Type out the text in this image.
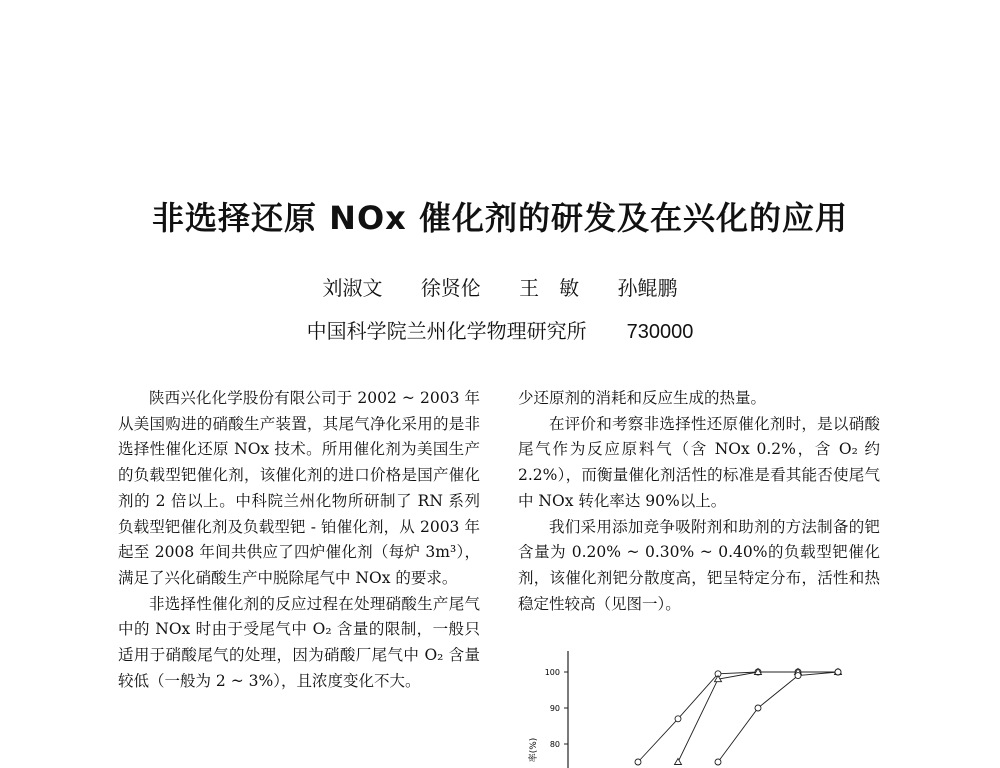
非选择还原 NOx 催化剂的研发及在兴化的应用
刘淑文 徐贤伦 王　敏 孙鲲鹏
中国科学院兰州化学物理研究所 730000

陕西兴化化学股份有限公司于 2002 ~ 2003 年从美国购进的硝酸生产装置，其尾气净化采用的是非选择性催化还原 NOx 技术。所用催化剂为美国生产的负载型钯催化剂，该催化剂的进口价格是国产催化剂的 2 倍以上。中科院兰州化物所研制了 RN 系列负载型钯催化剂及负载型钯 - 铂催化剂，从 2003 年起至 2008 年间共供应了四炉催化剂（每炉 3m³），满足了兴化硝酸生产中脱除尾气中 NOx 的要求。

非选择性催化剂的反应过程在处理硝酸生产尾气中的 NOx 时由于受尾气中 O₂ 含量的限制，一般只适用于硝酸尾气的处理，因为硝酸厂尾气中 O₂ 含量较低（一般为 2 ~ 3%），且浓度变化不大。

少还原剂的消耗和反应生成的热量。

在评价和考察非选择性还原催化剂时，是以硝酸尾气作为反应原料气（含 NOx 0.2%，含 O₂ 约 2.2%），而衡量催化剂活性的标准是看其能否使尾气中 NOx 转化率达 90%以上。

我们采用添加竞争吸附剂和助剂的方法制备的钯含量为 0.20% ~ 0.30% ~ 0.40%的负载型钯催化剂，该催化剂钯分散度高，钯呈特定分布，活性和热稳定性较高（见图一）。

80
90
100
率(%)
